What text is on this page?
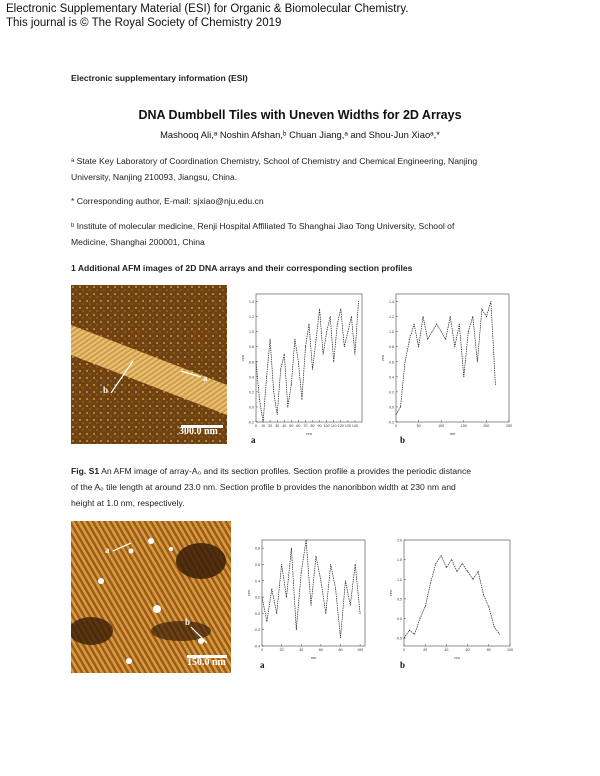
Electronic Supplementary Material (ESI) for Organic & Biomolecular Chemistry.
This journal is © The Royal Society of Chemistry 2019
Electronic supplementary information (ESI)
DNA Dumbbell Tiles with Uneven Widths for 2D Arrays
Mashooq Ali,ᵃ Noshin Afshan,ᵇ Chuan Jiang,ᵃ and Shou-Jun Xiaoᵃ,*
ᵃ State Key Laboratory of Coordination Chemistry, School of Chemistry and Chemical Engineering, Nanjing
University, Nanjing 210093, Jiangsu, China.
* Corresponding author, E-mail: sjxiao@nju.edu.cn
ᵇ Institute of molecular medicine, Renji Hospital Affiliated To Shanghai Jiao Tong University, School of
Medicine, Shanghai 200001, China
1 Additional AFM images of 2D DNA arrays and their corresponding section profiles
a
b
300.0 nm
-0.2
0.0
0.2
0.4
0.6
0.8
1.0
1.2
1.4
0 10 20 30 40 50 60 70 80 90 100 110 120 130 140
nm
nm
a
-0.2
0.0
0.2
0.4
0.6
0.8
1.0
1.2
1.4
0	50	100	150	200	250
nm
nm
b
Fig. S1 An AFM image of array-A₀ and its section profiles. Section profile a provides the periodic distance
of the A₀ tile length at around 23.0 nm. Section profile b provides the nanoribbon width at 230 nm and
height at 1.0 nm, respectively.
a
b
150.0 nm
-0.4
-0.2
0.0
0.2
0.4
0.6
0.8
0	20	40	60	80	100
nm
nm
a
-0.5
0.0
0.5
1.0
1.5
2.0
0	20	40	60	80	100
nm
nm
b
